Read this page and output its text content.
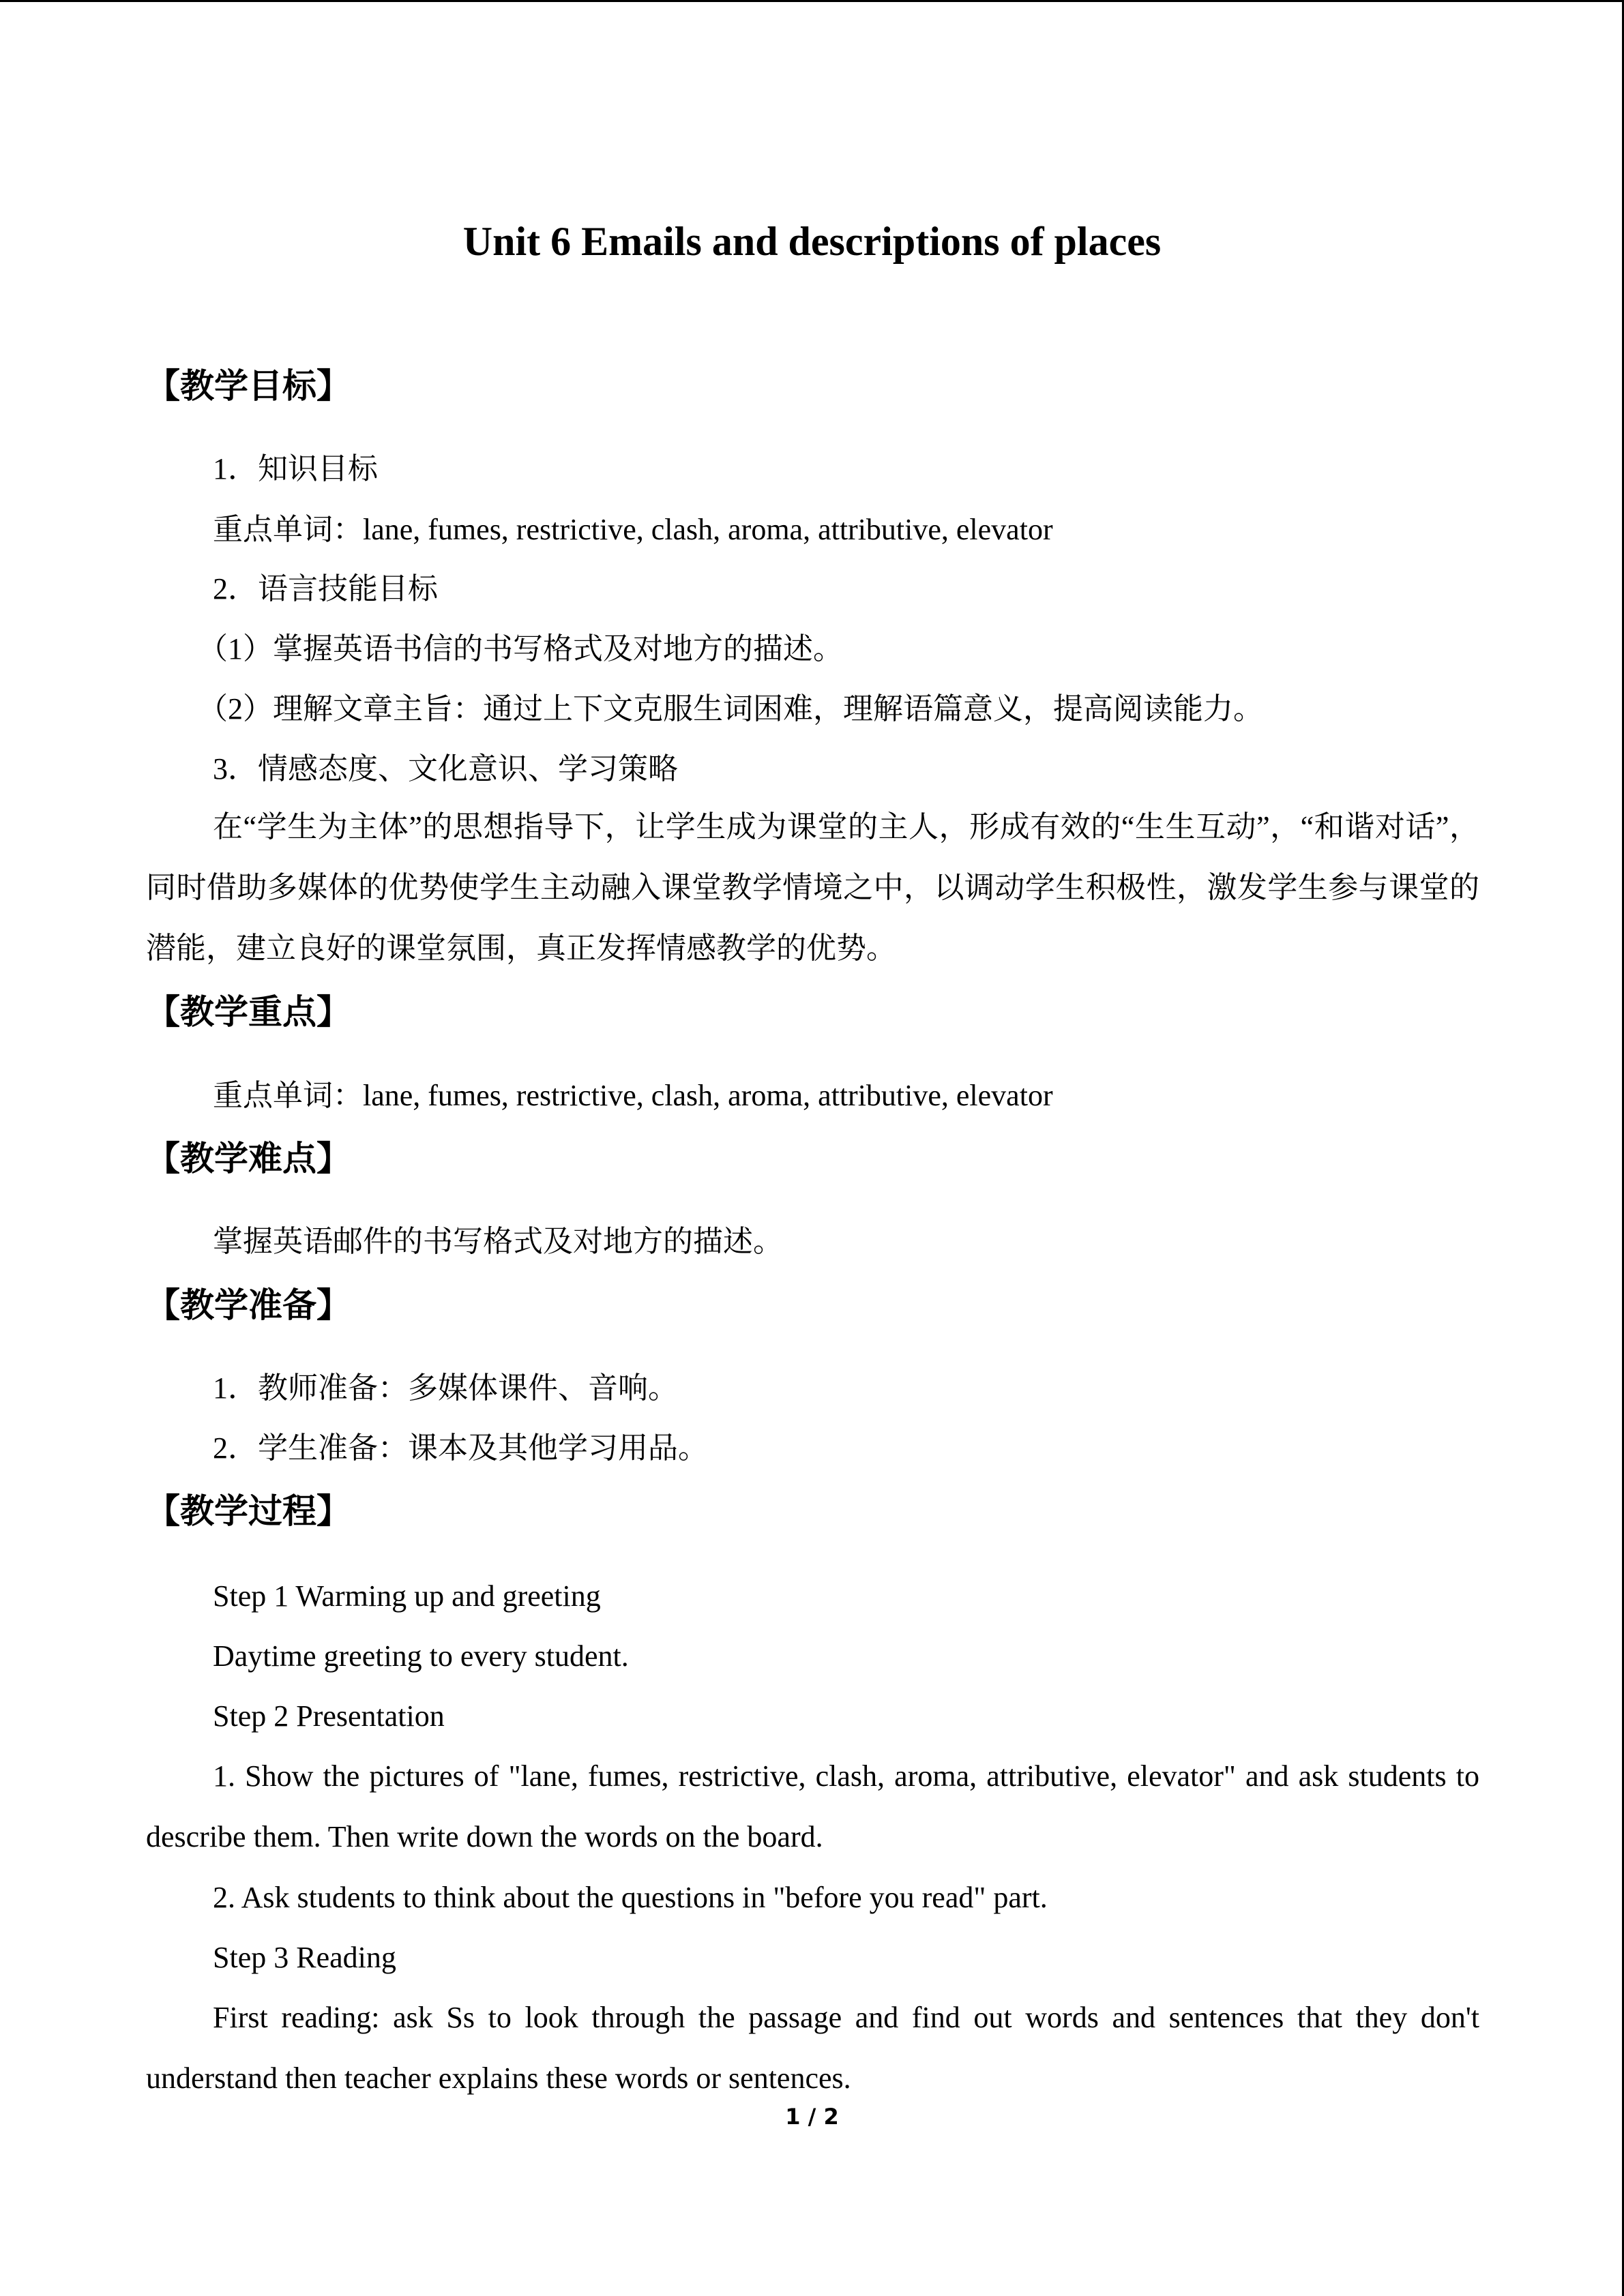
Unit 6 Emails and descriptions of places
【教学目标】

1．知识目标

重点单词：lane, fumes, restrictive, clash, aroma, attributive, elevator

2．语言技能目标

（1）掌握英语书信的书写格式及对地方的描述。

（2）理解文章主旨：通过上下文克服生词困难，理解语篇意义，提高阅读能力。

3．情感态度、文化意识、学习策略

在“学生为主体”的思想指导下，让学生成为课堂的主人，形成有效的“生生互动”，“和谐对话”，同时借助多媒体的优势使学生主动融入课堂教学情境之中，以调动学生积极性，激发学生参与课堂的潜能，建立良好的课堂氛围，真正发挥情感教学的优势。

【教学重点】

重点单词：lane, fumes, restrictive, clash, aroma, attributive, elevator

【教学难点】

掌握英语邮件的书写格式及对地方的描述。

【教学准备】

1．教师准备：多媒体课件、音响。

2．学生准备：课本及其他学习用品。

【教学过程】

Step 1 Warming up and greeting

Daytime greeting to every student.

Step 2 Presentation

1. Show the pictures of "lane, fumes, restrictive, clash, aroma, attributive, elevator" and ask students to describe them. Then write down the words on the board.

2. Ask students to think about the questions in "before you read" part.

Step 3 Reading

First reading: ask Ss to look through the passage and find out words and sentences that they don't understand then teacher explains these words or sentences.

1 / 2
